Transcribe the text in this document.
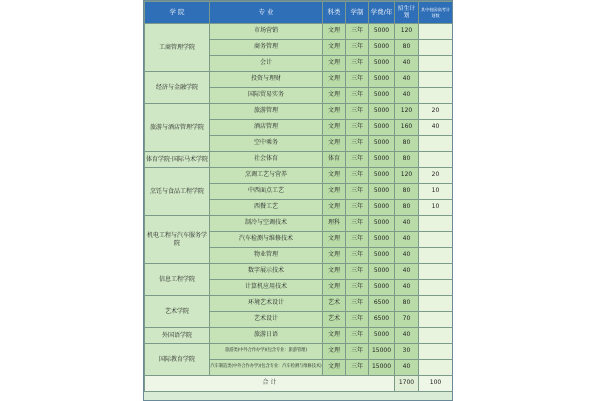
学 院	专 业	科类	学制	学费/年	招生计划	其中校园高考计划数
工商管理学院	市场营销	文理	三年	5000	120	
	商务管理	文理	三年	5000	80	
	会计	文理	三年	5000	40	
经济与金融学院	投资与理财	文理	三年	5000	40	
	国际贸易实务	文理	三年	5000	40	
旅游与酒店管理学院	旅游管理	文理	三年	5000	120	20
	酒店管理	文理	三年	5000	160	40
	空中乘务	文理	三年	5000	80	
体育学院·国际马术学院	社会体育	体育	三年	5000	80	
烹饪与食品工程学院	烹调工艺与营养	文理	三年	5000	120	20
	中西面点工艺	文理	三年	5000	80	10
	西餐工艺	文理	三年	5000	80	10
机电工程与汽车服务学院	制冷与空调技术	理科	三年	5000	40	
	汽车检测与维修技术	文理	三年	5000	40	
	物业管理	文理	三年	5000	40	
信息工程学院	数字展示技术	文理	三年	5000	40	
	计算机应用技术	文理	三年	5000	40	
艺术学院	环境艺术设计	艺术	三年	6500	80	
	艺术设计	艺术	三年	6500	70	
外国语学院	旅游日语	文理	三年	5000	40	
国际教育学院	旅游类(中外合作办学)(包含专业：旅游管理)	文理	三年	15000	30	
	汽车制造类(中外合作办学)(包含专业：汽车检测与维修技术)	文理	三年	15000	40	
合 计					1700	100
